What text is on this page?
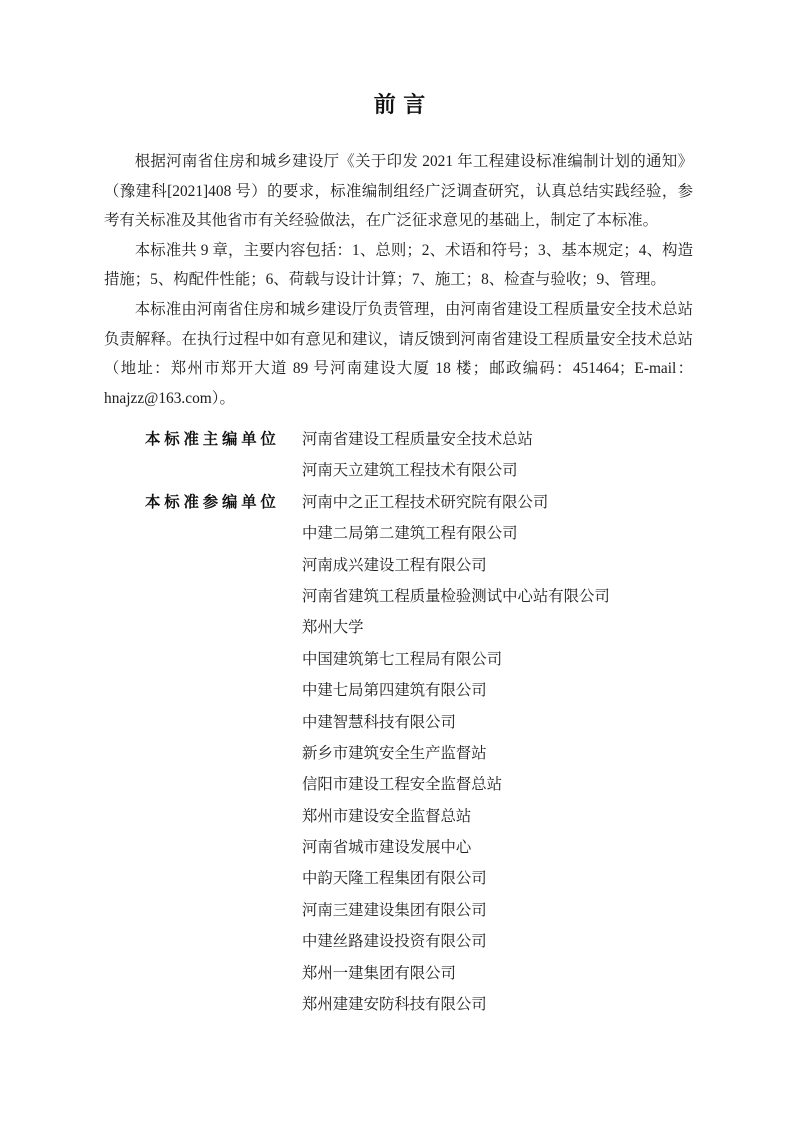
前 言

根据河南省住房和城乡建设厅《关于印发 2021 年工程建设标准编制计划的通知》（豫建科[2021]408 号）的要求，标准编制组经广泛调查研究，认真总结实践经验，参考有关标准及其他省市有关经验做法，在广泛征求意见的基础上，制定了本标准。

本标准共 9 章，主要内容包括：1、总则；2、术语和符号；3、基本规定；4、构造措施；5、构配件性能；6、荷载与设计计算；7、施工；8、检查与验收；9、管理。

本标准由河南省住房和城乡建设厅负责管理，由河南省建设工程质量安全技术总站负责解释。在执行过程中如有意见和建议，请反馈到河南省建设工程质量安全技术总站（地址：郑州市郑开大道 89 号河南建设大厦 18 楼；邮政编码：451464；E-mail：hnajzz@163.com）。

本 标 准 主 编 单 位	河南省建设工程质量安全技术总站
河南天立建筑工程技术有限公司
本 标 准 参 编 单 位	河南中之正工程技术研究院有限公司
中建二局第二建筑工程有限公司
河南成兴建设工程有限公司
河南省建筑工程质量检验测试中心站有限公司
郑州大学
中国建筑第七工程局有限公司
中建七局第四建筑有限公司
中建智慧科技有限公司
新乡市建筑安全生产监督站
信阳市建设工程安全监督总站
郑州市建设安全监督总站
河南省城市建设发展中心
中韵天隆工程集团有限公司
河南三建建设集团有限公司
中建丝路建设投资有限公司
郑州一建集团有限公司
郑州建建安防科技有限公司
